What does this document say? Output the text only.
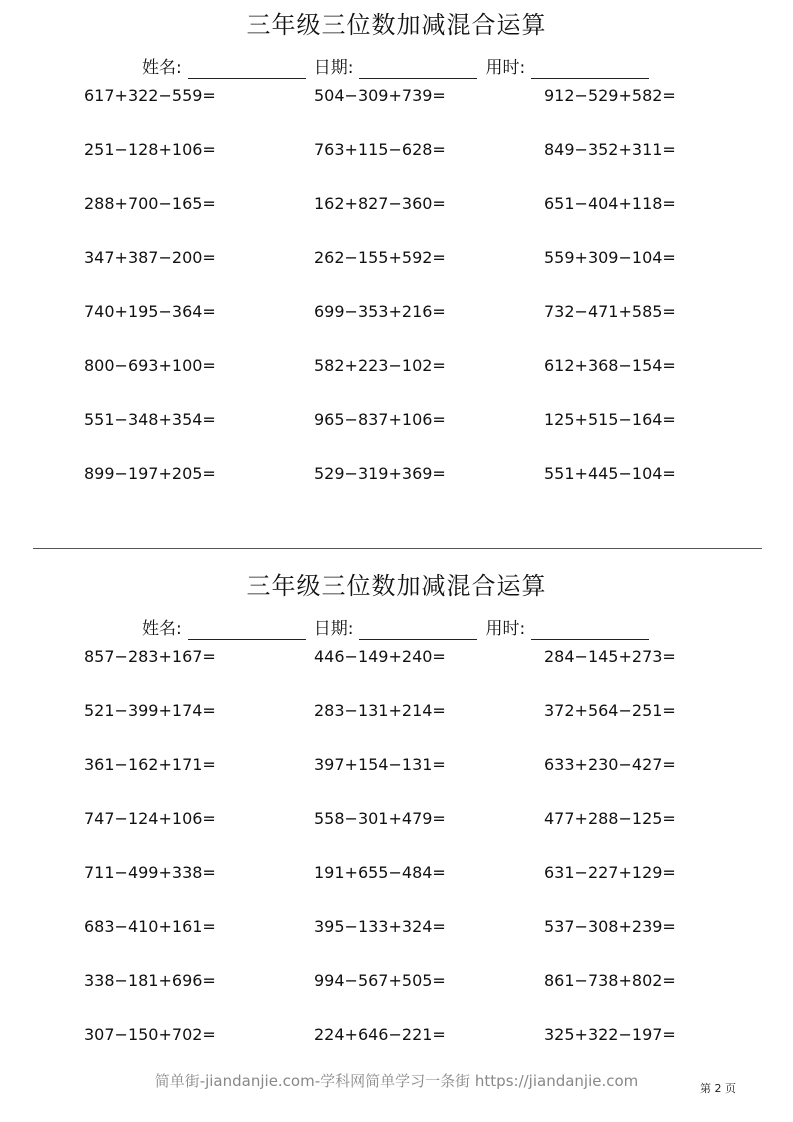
三年级三位数加减混合运算
姓名:	日期:	用时:
617+322−559=	504−309+739=	912−529+582=
251−128+106=	763+115−628=	849−352+311=
288+700−165=	162+827−360=	651−404+118=
347+387−200=	262−155+592=	559+309−104=
740+195−364=	699−353+216=	732−471+585=
800−693+100=	582+223−102=	612+368−154=
551−348+354=	965−837+106=	125+515−164=
899−197+205=	529−319+369=	551+445−104=
三年级三位数加减混合运算
姓名:	日期:	用时:
857−283+167=	446−149+240=	284−145+273=
521−399+174=	283−131+214=	372+564−251=
361−162+171=	397+154−131=	633+230−427=
747−124+106=	558−301+479=	477+288−125=
711−499+338=	191+655−484=	631−227+129=
683−410+161=	395−133+324=	537−308+239=
338−181+696=	994−567+505=	861−738+802=
307−150+702=	224+646−221=	325+322−197=
简单街-jiandanjie.com-学科网简单学习一条街 https://jiandanjie.com	第 2 页
